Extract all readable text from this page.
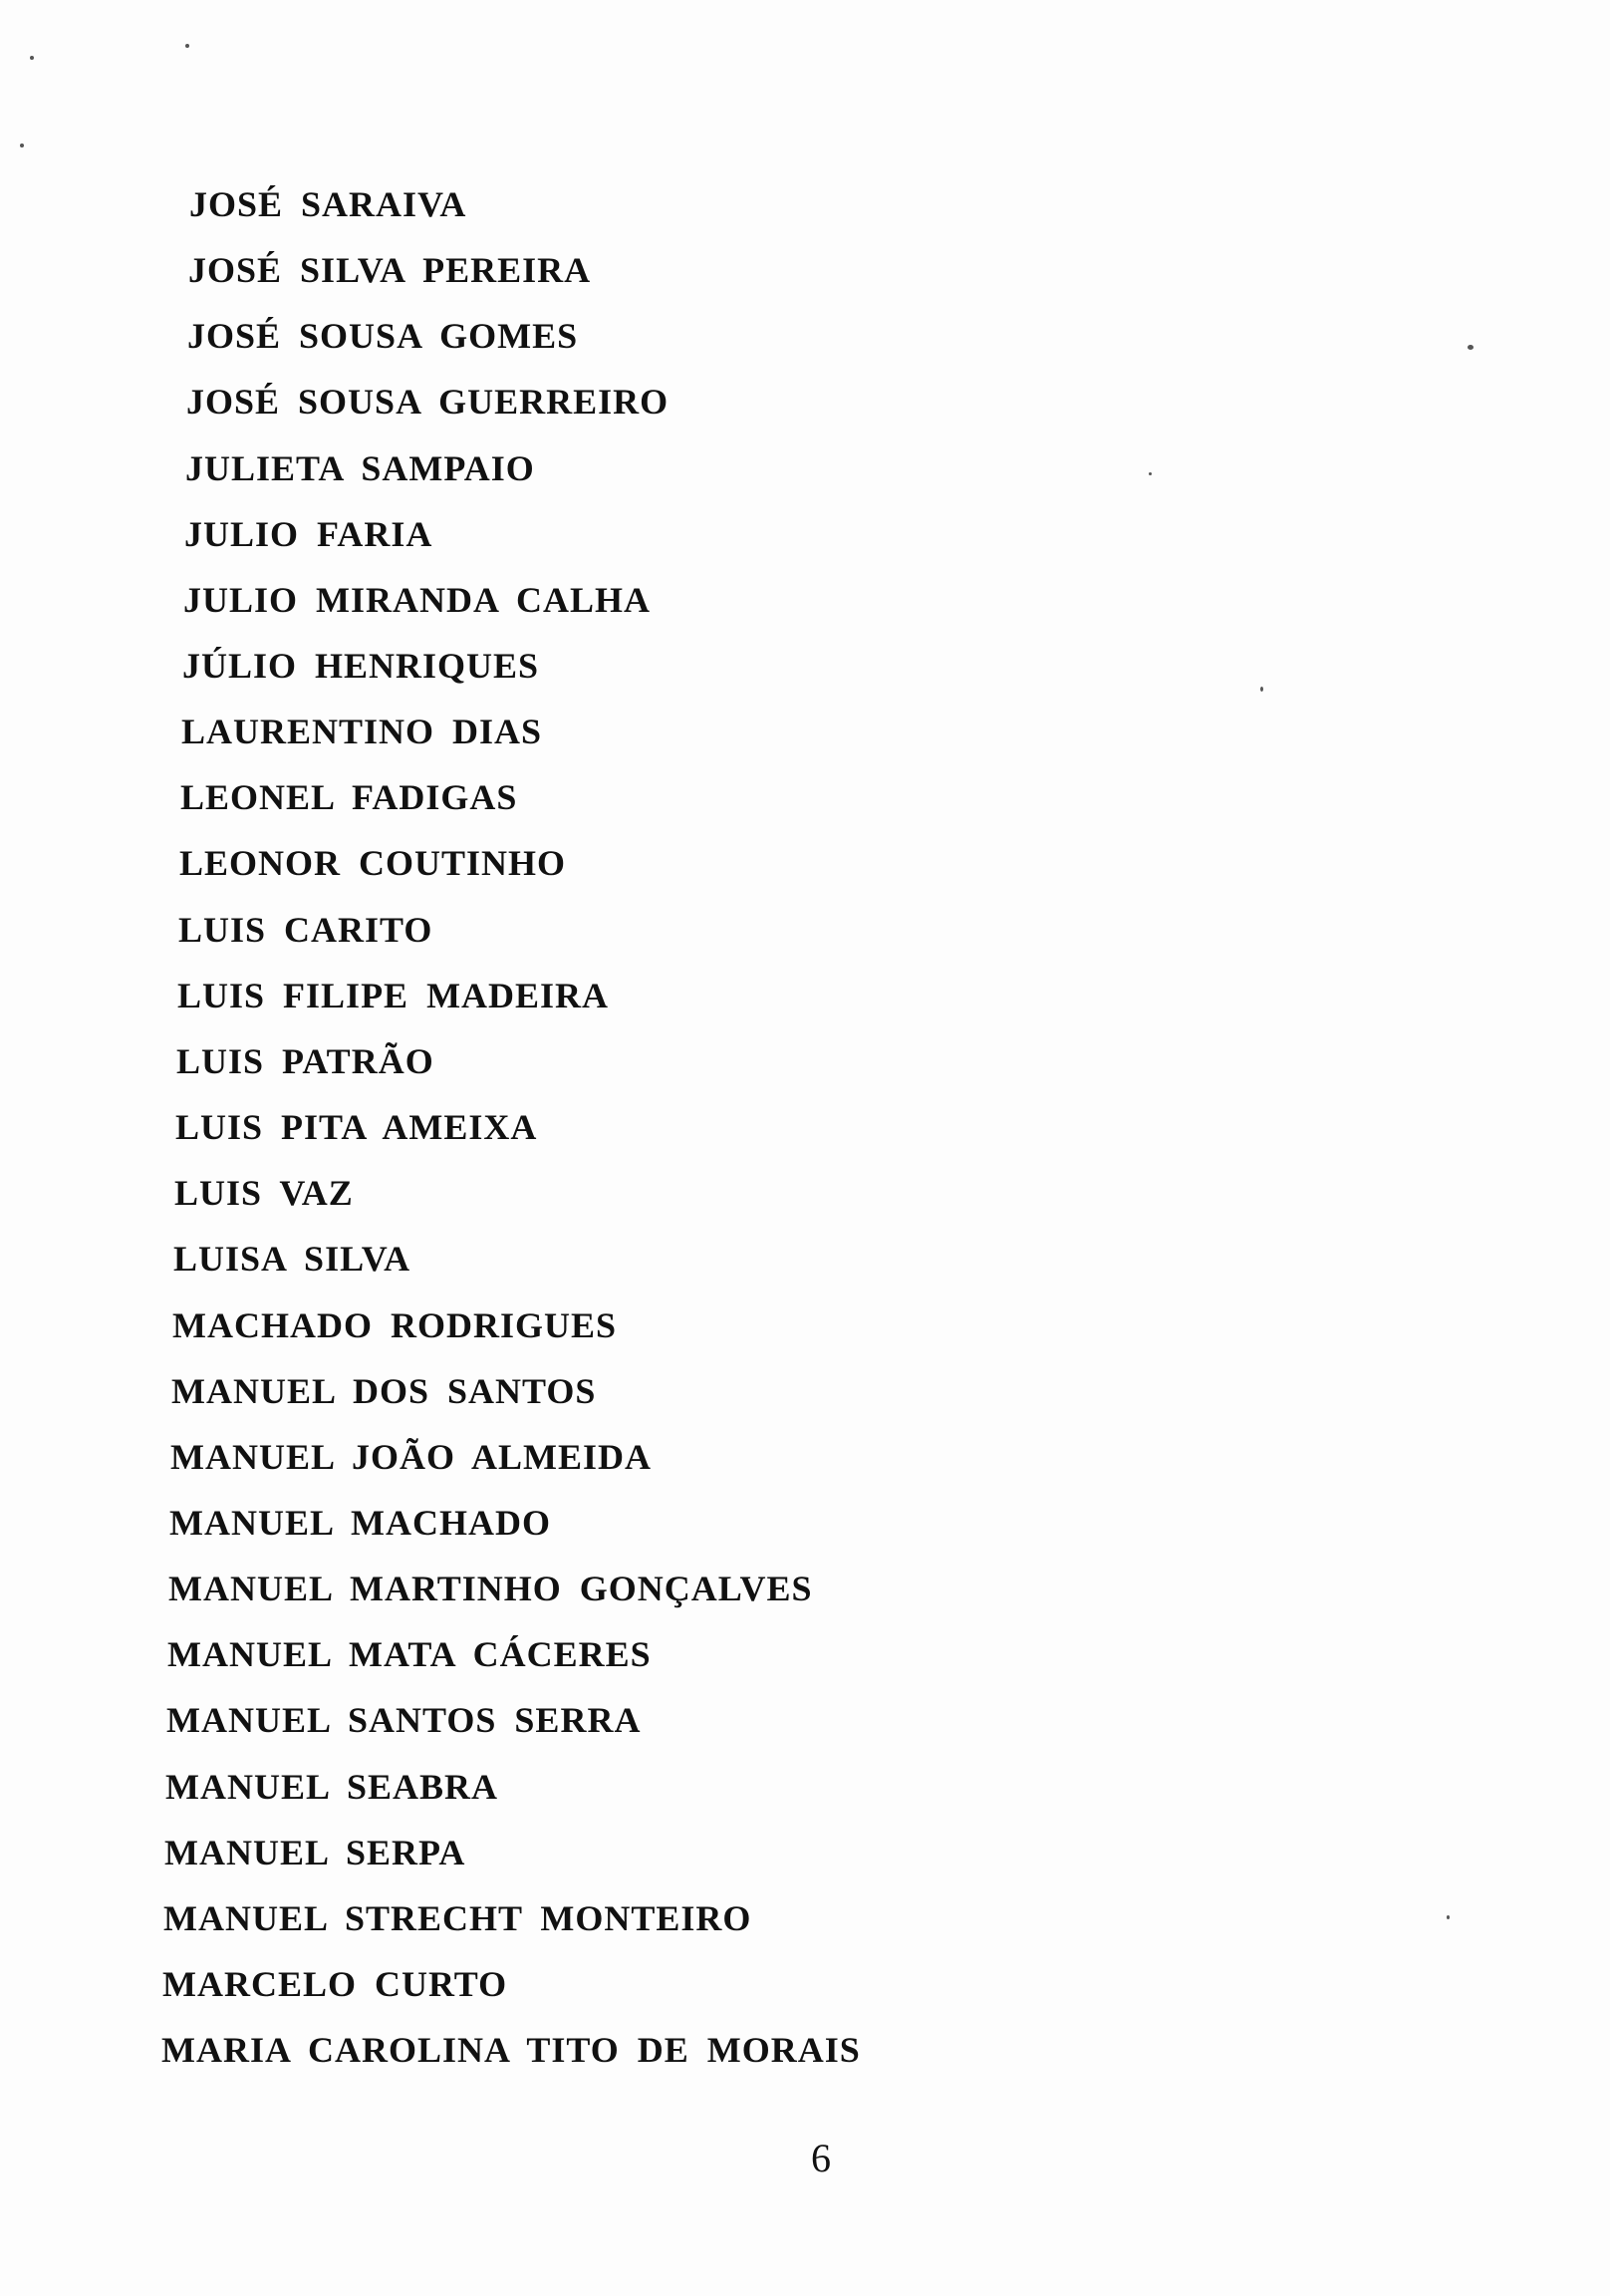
JOSÉ SARAIVA
JOSÉ SILVA PEREIRA
JOSÉ SOUSA GOMES
JOSÉ SOUSA GUERREIRO
JULIETA SAMPAIO
JULIO FARIA
JULIO MIRANDA CALHA
JÚLIO HENRIQUES
LAURENTINO DIAS
LEONEL FADIGAS
LEONOR COUTINHO
LUIS CARITO
LUIS FILIPE MADEIRA
LUIS PATRÃO
LUIS PITA AMEIXA
LUIS VAZ
LUISA SILVA
MACHADO RODRIGUES
MANUEL DOS SANTOS
MANUEL JOÃO ALMEIDA
MANUEL MACHADO
MANUEL MARTINHO GONÇALVES
MANUEL MATA CÁCERES
MANUEL SANTOS SERRA
MANUEL SEABRA
MANUEL SERPA
MANUEL STRECHT MONTEIRO
MARCELO CURTO
MARIA CAROLINA TITO DE MORAIS
6
